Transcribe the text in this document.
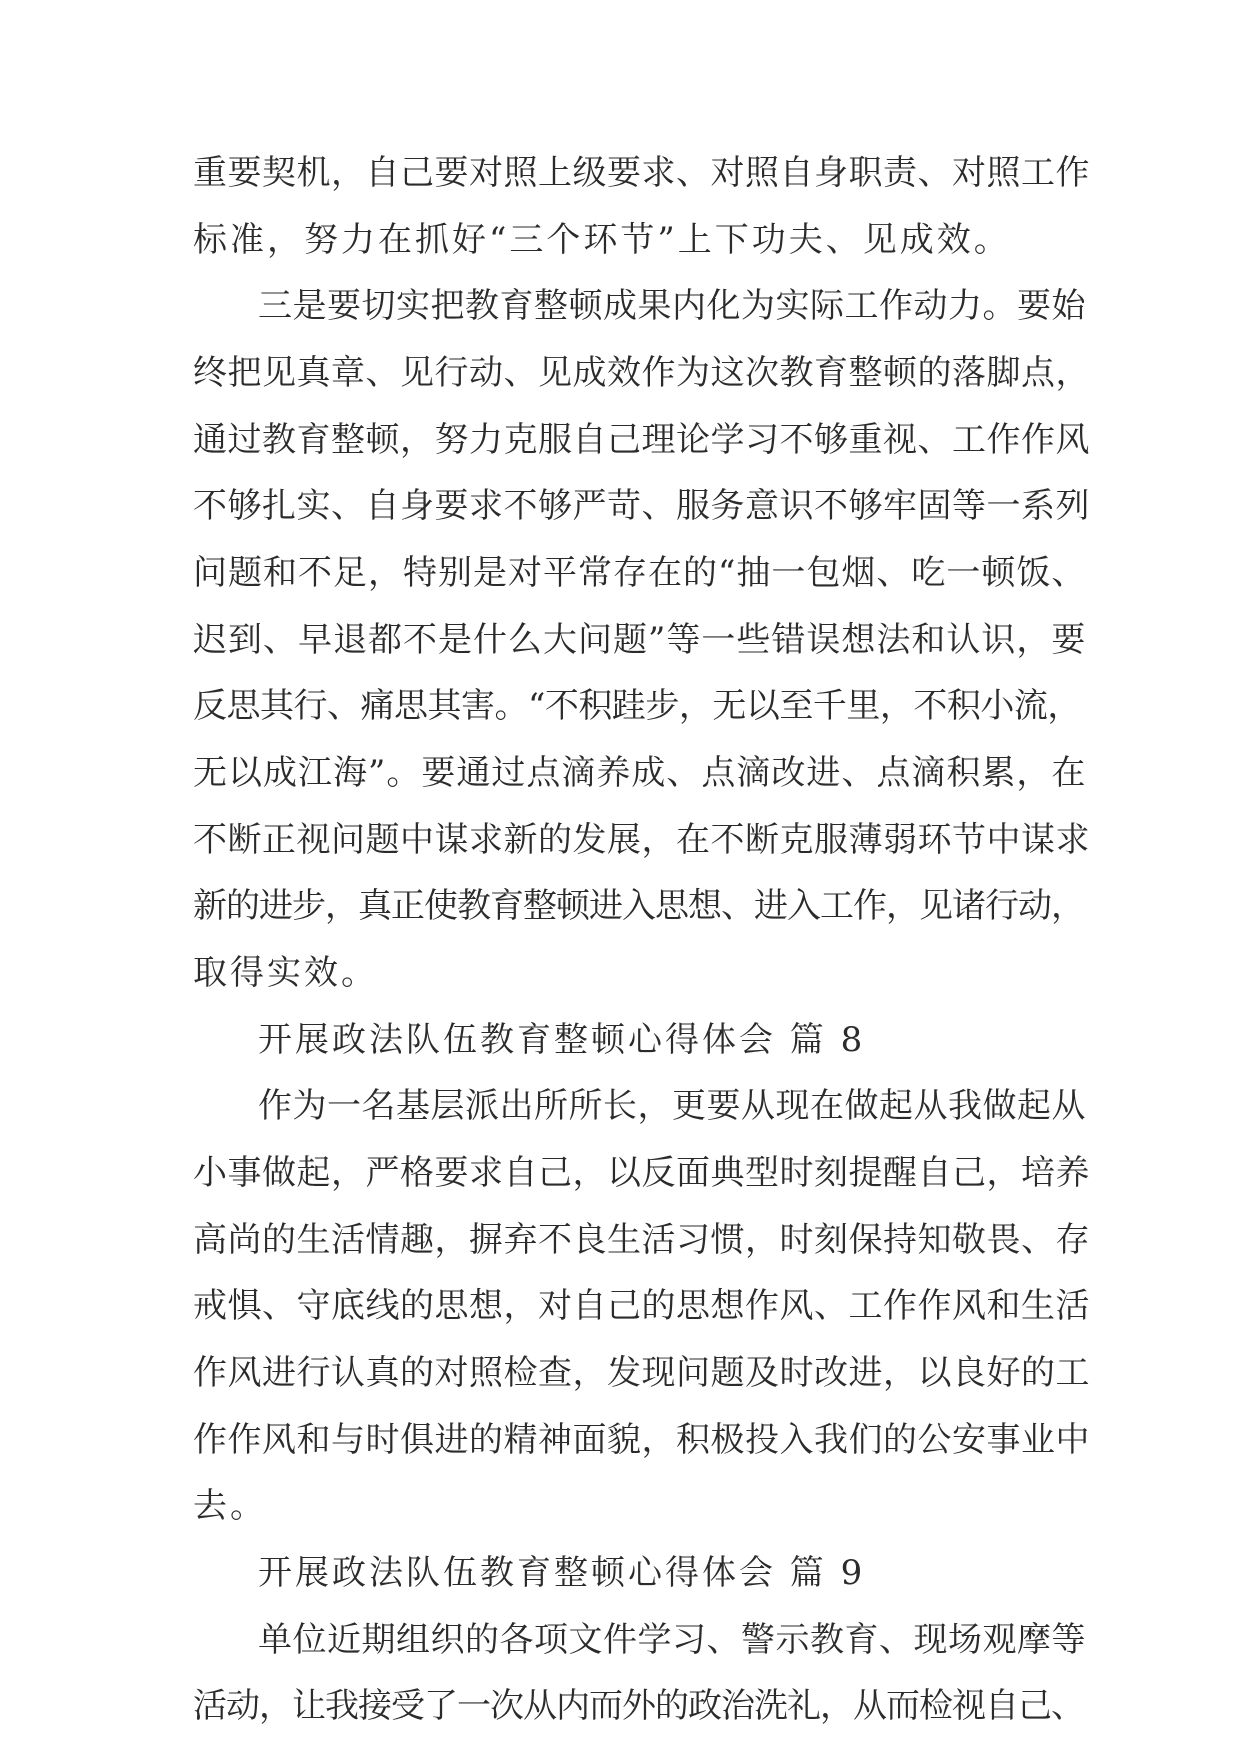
重要契机，自己要对照上级要求、对照自身职责、对照工作

标准，努力在抓好“三个环节”上下功夫、见成效。

三是要切实把教育整顿成果内化为实际工作动力。要始

终把见真章、见行动、见成效作为这次教育整顿的落脚点，

通过教育整顿，努力克服自己理论学习不够重视、工作作风

不够扎实、自身要求不够严苛、服务意识不够牢固等一系列

问题和不足，特别是对平常存在的“抽一包烟、吃一顿饭、

迟到、早退都不是什么大问题”等一些错误想法和认识，要

反思其行、痛思其害。“不积跬步，无以至千里，不积小流，

无以成江海”。要通过点滴养成、点滴改进、点滴积累，在

不断正视问题中谋求新的发展，在不断克服薄弱环节中谋求

新的进步，真正使教育整顿进入思想、进入工作，见诸行动，

取得实效。

开展政法队伍教育整顿心得体会 篇 8

作为一名基层派出所所长，更要从现在做起从我做起从

小事做起，严格要求自己，以反面典型时刻提醒自己，培养

高尚的生活情趣，摒弃不良生活习惯，时刻保持知敬畏、存

戒惧、守底线的思想，对自己的思想作风、工作作风和生活

作风进行认真的对照检查，发现问题及时改进，以良好的工

作作风和与时俱进的精神面貌，积极投入我们的公安事业中

去。

开展政法队伍教育整顿心得体会 篇 9

单位近期组织的各项文件学习、警示教育、现场观摩等

活动，让我接受了一次从内而外的政治洗礼，从而检视自己、
